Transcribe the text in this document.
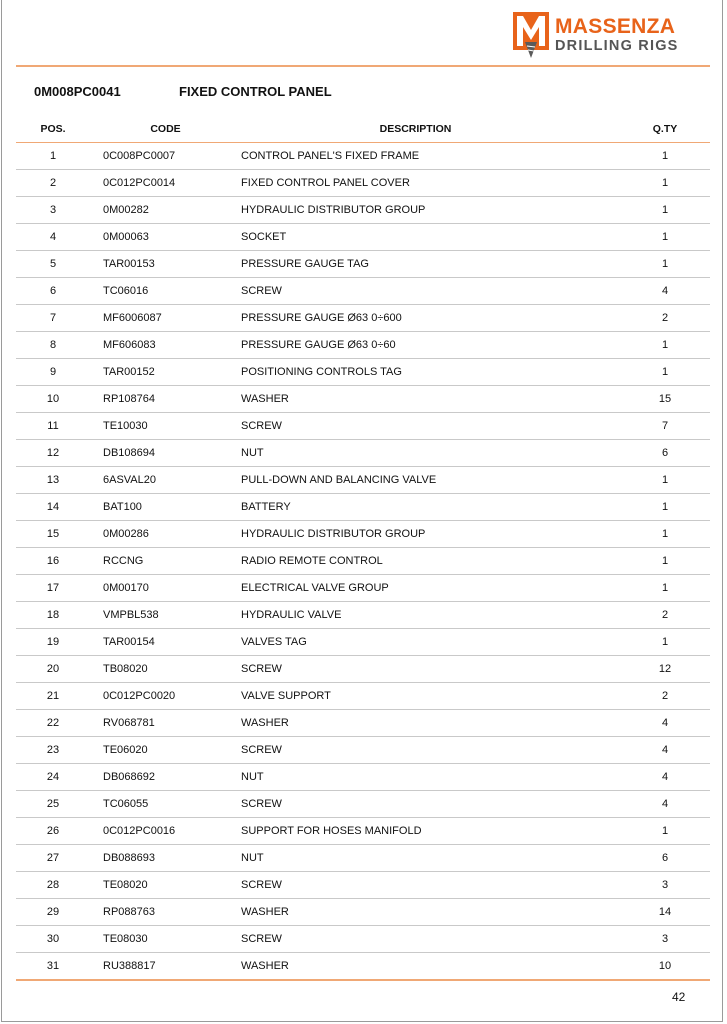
MASSENZA
DRILLING RIGS
0M008PC0041	FIXED CONTROL PANEL
POS.	CODE	DESCRIPTION	Q.TY
1	0C008PC0007	CONTROL PANEL'S FIXED FRAME	1
2	0C012PC0014	FIXED CONTROL PANEL COVER	1
3	0M00282	HYDRAULIC DISTRIBUTOR GROUP	1
4	0M00063	SOCKET	1
5	TAR00153	PRESSURE GAUGE TAG	1
6	TC06016	SCREW	4
7	MF6006087	PRESSURE GAUGE Ø63 0÷600	2
8	MF606083	PRESSURE GAUGE Ø63 0÷60	1
9	TAR00152	POSITIONING CONTROLS TAG	1
10	RP108764	WASHER	15
11	TE10030	SCREW	7
12	DB108694	NUT	6
13	6ASVAL20	PULL-DOWN AND BALANCING VALVE	1
14	BAT100	BATTERY	1
15	0M00286	HYDRAULIC DISTRIBUTOR GROUP	1
16	RCCNG	RADIO REMOTE CONTROL	1
17	0M00170	ELECTRICAL VALVE GROUP	1
18	VMPBL538	HYDRAULIC VALVE	2
19	TAR00154	VALVES TAG	1
20	TB08020	SCREW	12
21	0C012PC0020	VALVE SUPPORT	2
22	RV068781	WASHER	4
23	TE06020	SCREW	4
24	DB068692	NUT	4
25	TC06055	SCREW	4
26	0C012PC0016	SUPPORT FOR HOSES MANIFOLD	1
27	DB088693	NUT	6
28	TE08020	SCREW	3
29	RP088763	WASHER	14
30	TE08030	SCREW	3
31	RU388817	WASHER	10
42
